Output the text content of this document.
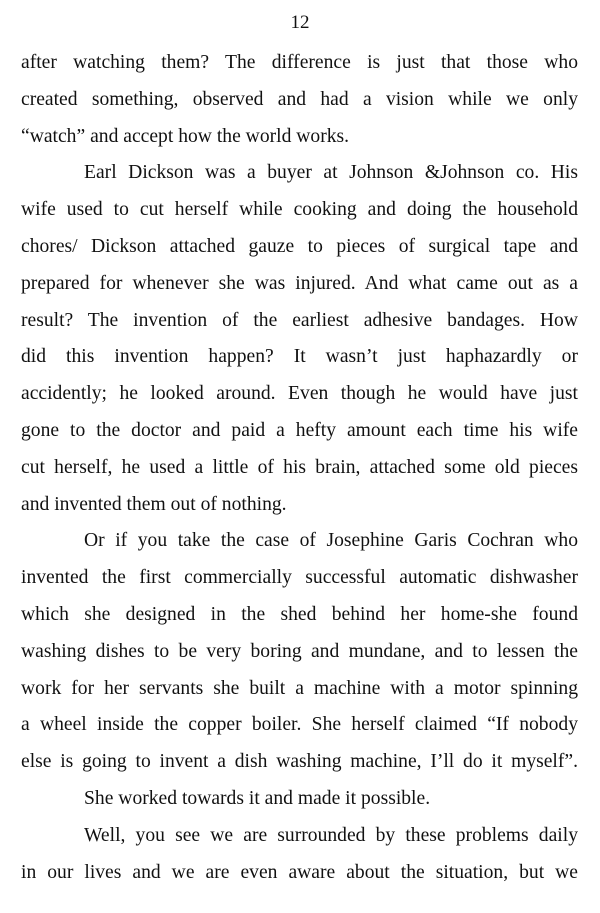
12
after watching them? The difference is just that those who
created something, observed and had a vision while we only
“watch” and accept how the world works.
Earl Dickson was a buyer at Johnson &Johnson co. His
wife used to cut herself while cooking and doing the household
chores/ Dickson attached gauze to pieces of surgical tape and
prepared for whenever she was injured. And what came out as a
result? The invention of the earliest adhesive bandages. How
did this invention happen? It wasn’t just haphazardly or
accidently; he looked around. Even though he would have just
gone to the doctor and paid a hefty amount each time his wife
cut herself, he used a little of his brain, attached some old pieces
and invented them out of nothing.
Or if you take the case of Josephine Garis Cochran who
invented the first commercially successful automatic dishwasher
which she designed in the shed behind her home-she found
washing dishes to be very boring and mundane, and to lessen the
work for her servants she built a machine with a motor spinning
a wheel inside the copper boiler. She herself claimed “If nobody
else is going to invent a dish washing machine, I’ll do it myself”.
She worked towards it and made it possible.
Well, you see we are surrounded by these problems daily
in our lives and we are even aware about the situation, but we
